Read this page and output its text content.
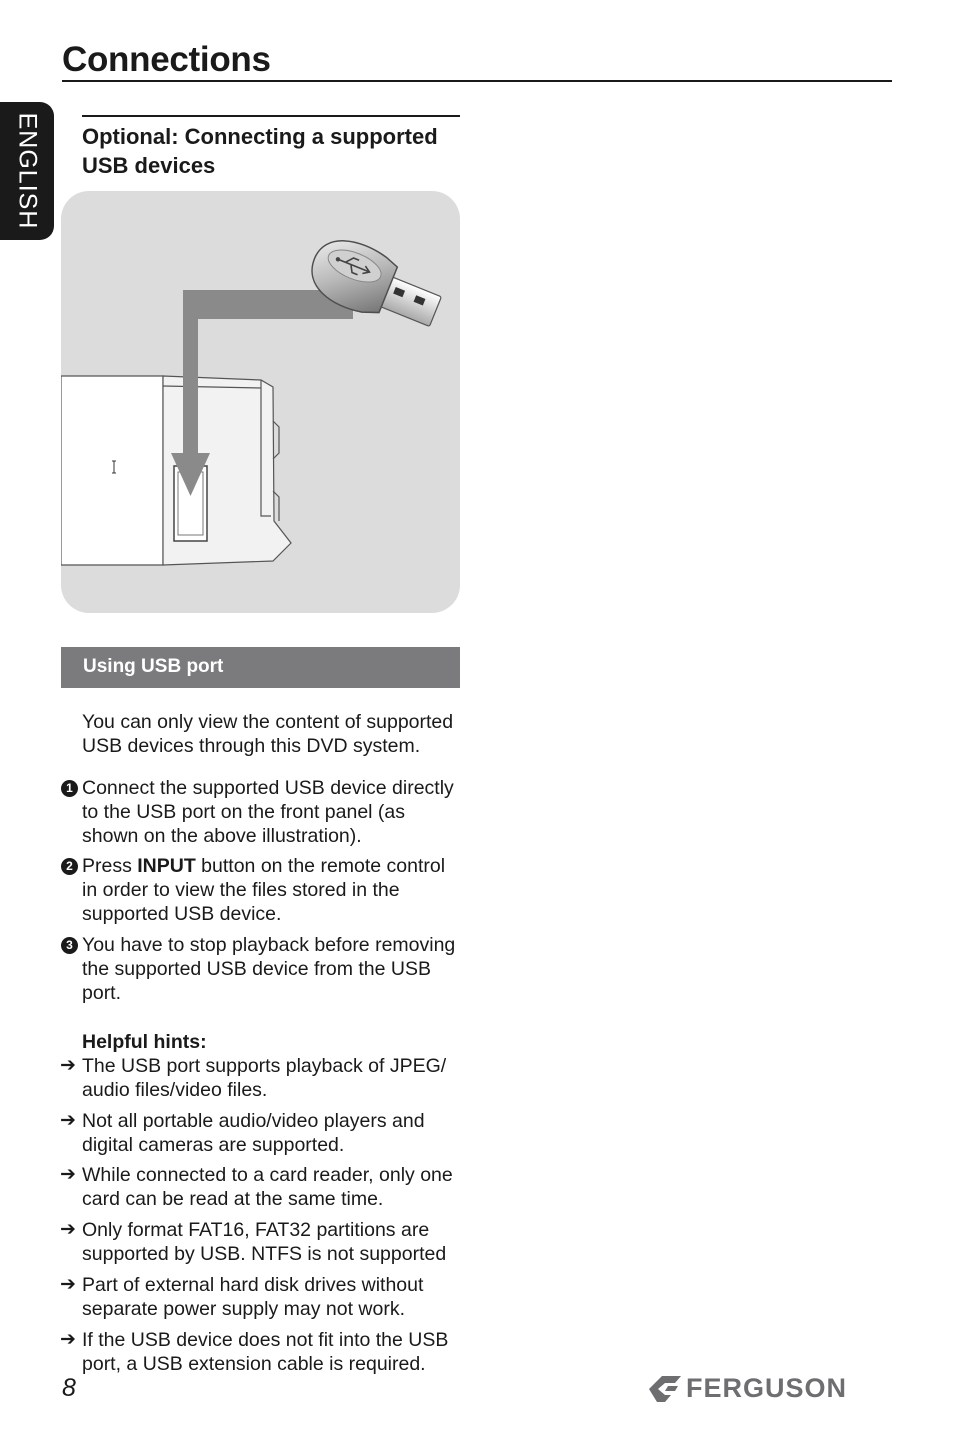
Connections
ENGLISH Optional: Connecting a supported USB devices
Using USB port
You can only view the content of supported USB devices through this DVD system.
1 Connect the supported USB device directly to the USB port on the front panel (as shown on the above illustration).
2 Press INPUT button on the remote control in order to view the files stored in the supported USB device.
3 You have to stop playback before removing the supported USB device from the USB port.
Helpful hints:
➔ The USB port supports playback of JPEG/ audio files/video files.
➔ Not all portable audio/video players and digital cameras are supported.
➔ While connected to a card reader, only one card can be read at the same time.
➔ Only format FAT16, FAT32 partitions are supported by USB. NTFS is not supported
➔ Part of external hard disk drives without separate power supply may not work.
➔ If the USB device does not fit into the USB port, a USB extension cable is required.
8	FERGUSON
